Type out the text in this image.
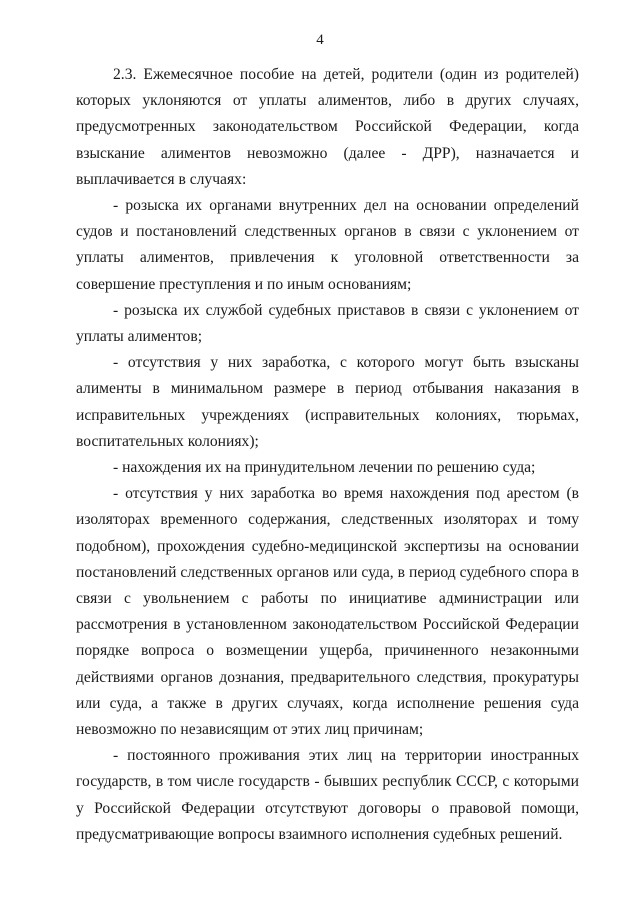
4

2.3. Ежемесячное пособие на детей, родители (один из родителей) которых уклоняются от уплаты алиментов, либо в других случаях, предусмотренных законодательством Российской Федерации, когда взыскание алиментов невозможно (далее - ДРР), назначается и выплачивается в случаях:

- розыска их органами внутренних дел на основании определений судов и постановлений следственных органов в связи с уклонением от уплаты алиментов, привлечения к уголовной ответственности за совершение преступления и по иным основаниям;

- розыска их службой судебных приставов в связи с уклонением от уплаты алиментов;

- отсутствия у них заработка, с которого могут быть взысканы алименты в минимальном размере в период отбывания наказания в исправительных учреждениях (исправительных колониях, тюрьмах, воспитательных колониях);

- нахождения их на принудительном лечении по решению суда;

- отсутствия у них заработка во время нахождения под арестом (в изоляторах временного содержания, следственных изоляторах и тому подобном), прохождения судебно-медицинской экспертизы на основании постановлений следственных органов или суда, в период судебного спора в связи с увольнением с работы по инициативе администрации или рассмотрения в установленном законодательством Российской Федерации порядке вопроса о возмещении ущерба, причиненного незаконными действиями органов дознания, предварительного следствия, прокуратуры или суда, а также в других случаях, когда исполнение решения суда невозможно по независящим от этих лиц причинам;

- постоянного проживания этих лиц на территории иностранных государств, в том числе государств - бывших республик СССР, с которыми у Российской Федерации отсутствуют договоры о правовой помощи, предусматривающие вопросы взаимного исполнения судебных решений.
